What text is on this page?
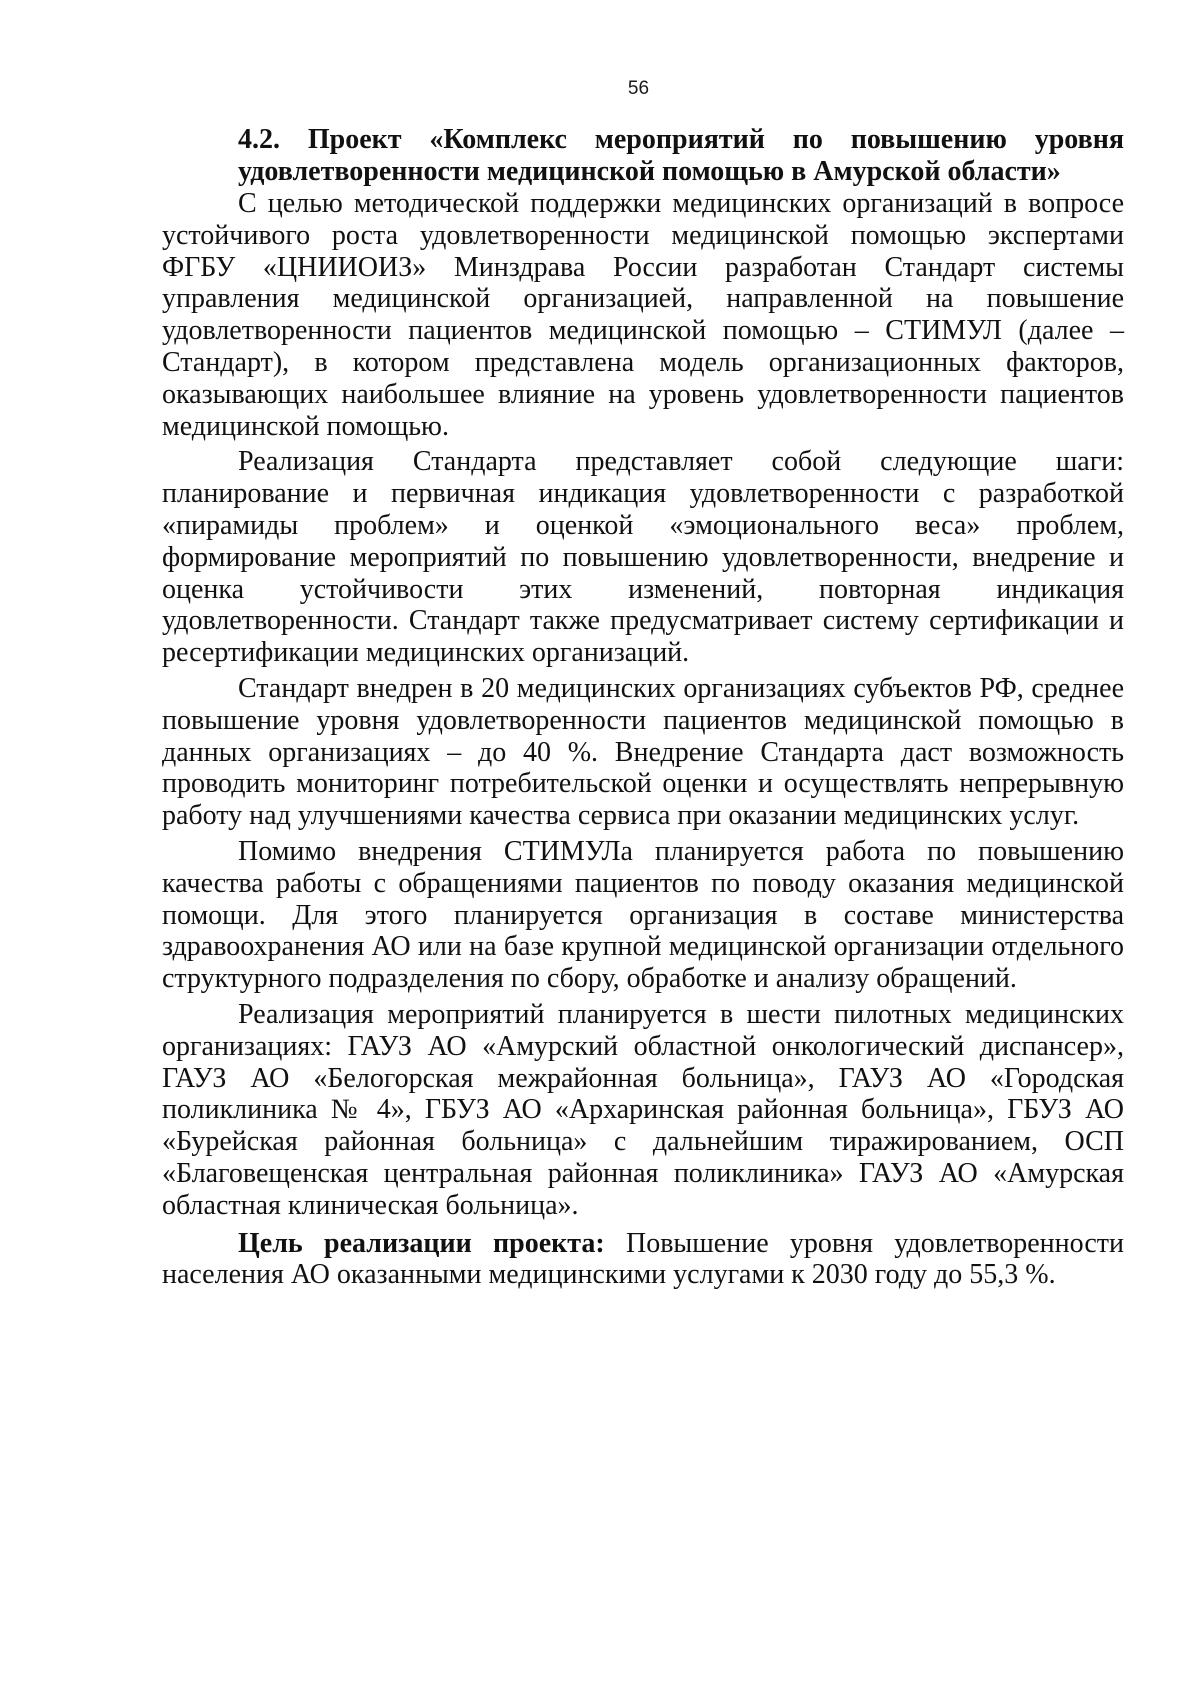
56
4.2. Проект «Комплекс мероприятий по повышению уровня
удовлетворенности медицинской помощью в Амурской области»

С целью методической поддержки медицинских организаций в вопросе устойчивого роста удовлетворенности медицинской помощью экспертами ФГБУ «ЦНИИОИЗ» Минздрава России разработан Стандарт системы управления медицинской организацией, направленной на повышение удовлетворенности пациентов медицинской помощью – СТИМУЛ (далее – Стандарт), в котором представлена модель организационных факторов, оказывающих наибольшее влияние на уровень удовлетворенности пациентов медицинской помощью.

Реализация Стандарта представляет собой следующие шаги: планирование и первичная индикация удовлетворенности с разработкой «пирамиды проблем» и оценкой «эмоционального веса» проблем, формирование мероприятий по повышению удовлетворенности, внедрение и оценка устойчивости этих изменений, повторная индикация удовлетворенности. Стандарт также предусматривает систему сертификации и ресертификации медицинских организаций.

Стандарт внедрен в 20 медицинских организациях субъектов РФ, среднее повышение уровня удовлетворенности пациентов медицинской помощью в данных организациях – до 40 %. Внедрение Стандарта даст возможность проводить мониторинг потребительской оценки и осуществлять непрерывную работу над улучшениями качества сервиса при оказании медицинских услуг.

Помимо внедрения СТИМУЛа планируется работа по повышению качества работы с обращениями пациентов по поводу оказания медицинской помощи. Для этого планируется организация в составе министерства здравоохранения АО или на базе крупной медицинской организации отдельного структурного подразделения по сбору, обработке и анализу обращений.

Реализация мероприятий планируется в шести пилотных медицинских организациях: ГАУЗ АО «Амурский областной онкологический диспансер», ГАУЗ АО «Белогорская межрайонная больница», ГАУЗ АО «Городская поликлиника № 4», ГБУЗ АО «Архаринская районная больница», ГБУЗ АО «Бурейская районная больница» с дальнейшим тиражированием, ОСП «Благовещенская центральная районная поликлиника» ГАУЗ АО «Амурская областная клиническая больница».

Цель реализации проекта: Повышение уровня удовлетворенности населения АО оказанными медицинскими услугами к 2030 году до 55,3 %.
